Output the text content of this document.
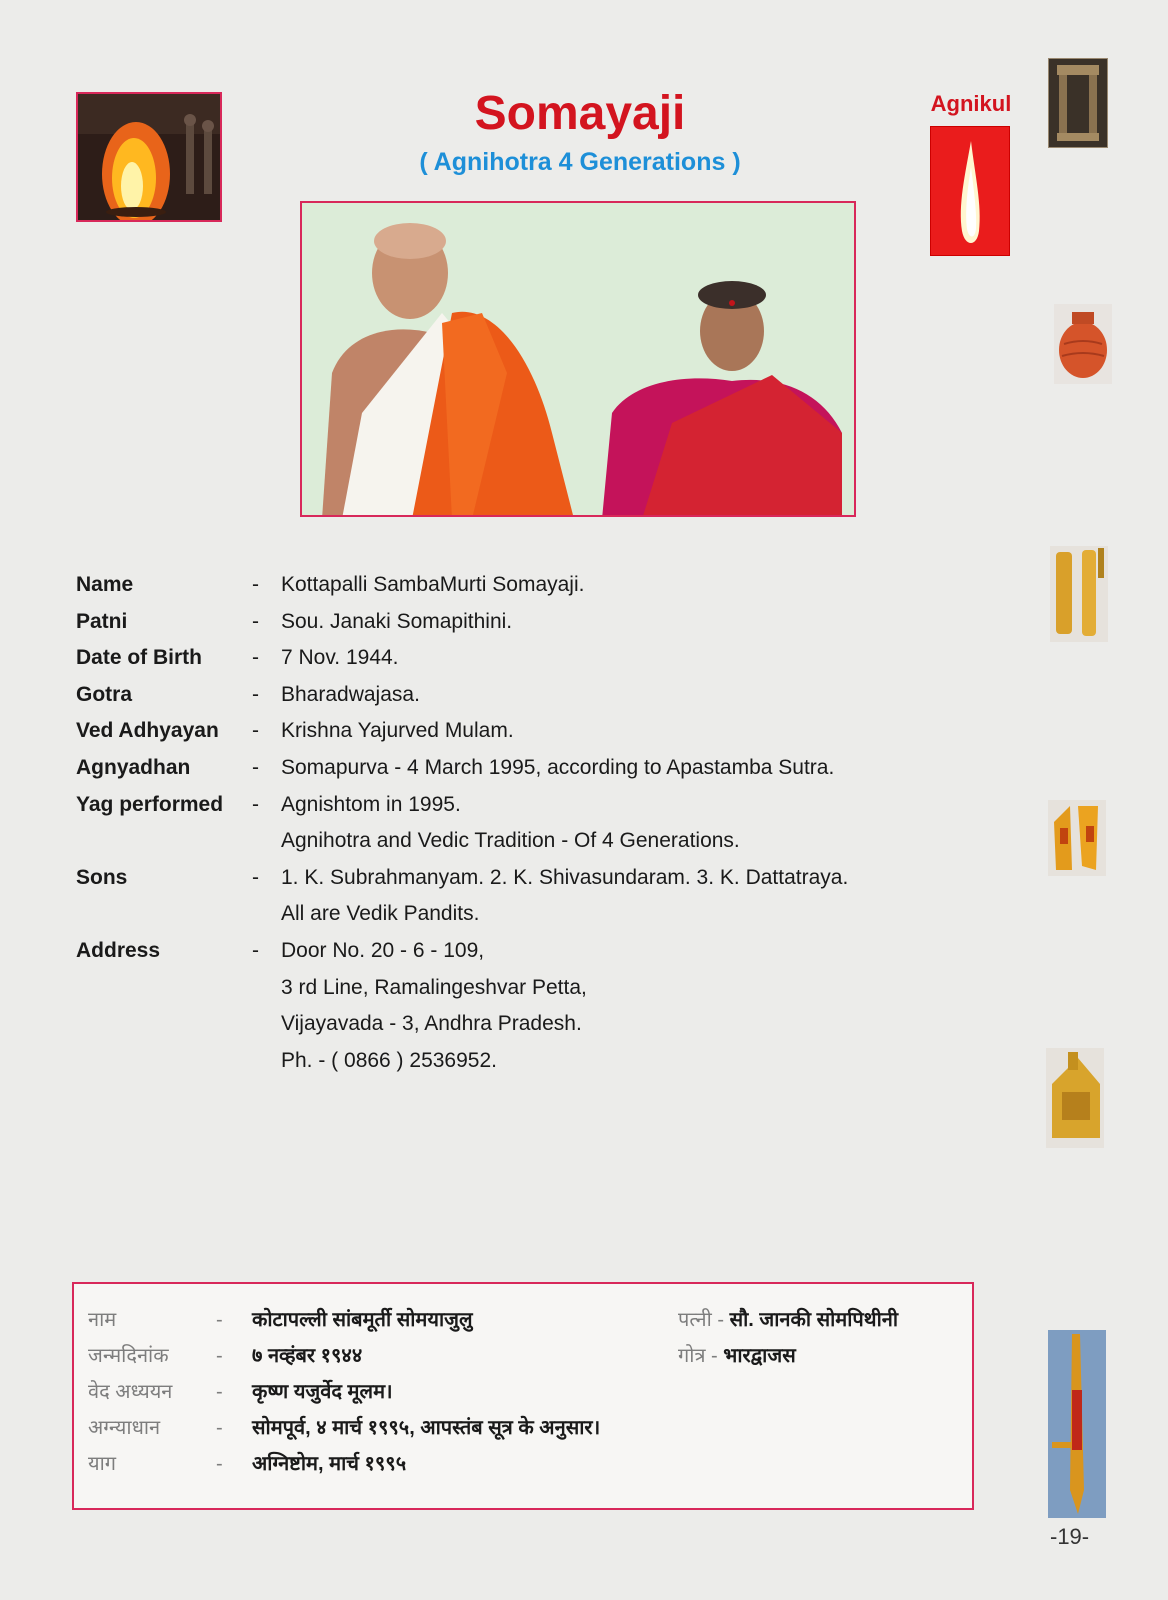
Somayaji
( Agnihotra 4 Generations )
Agnikul
Name	- Kottapalli SambaMurti Somayaji.
Patni	- Sou. Janaki Somapithini.
Date of Birth - 7 Nov. 1944.
Gotra	- Bharadwajasa.
Ved Adhyayan - Krishna Yajurved Mulam.
Agnyadhan	- Somapurva - 4 March 1995, according to Apastamba Sutra.
Yag performed - Agnishtom in 1995.
Agnihotra and Vedic Tradition - Of 4 Generations.
Sons	- 1. K. Subrahmanyam. 2. K. Shivasundaram. 3. K. Dattatraya.
All are Vedik Pandits.
Address	- Door No. 20 - 6 - 109,
3 rd Line, Ramalingeshvar Petta,
Vijayavada - 3, Andhra Pradesh.
Ph. - ( 0866 ) 2536952.
नाम	- कोटापल्ली सांबमूर्ती सोमयाजुलु
जन्मदिनांक - ७ नव्हंबर १९४४
वेद अध्ययन - कृष्ण यजुर्वेद मूलम।
अग्न्याधान	- सोमपूर्व, ४ मार्च १९९५, आपस्तंब सूत्र के अनुसार।
याग	- अग्निष्टोम, मार्च १९९५
पत्नी - सौ. जानकी सोमपिथीनी
गोत्र - भारद्वाजस
-19-
